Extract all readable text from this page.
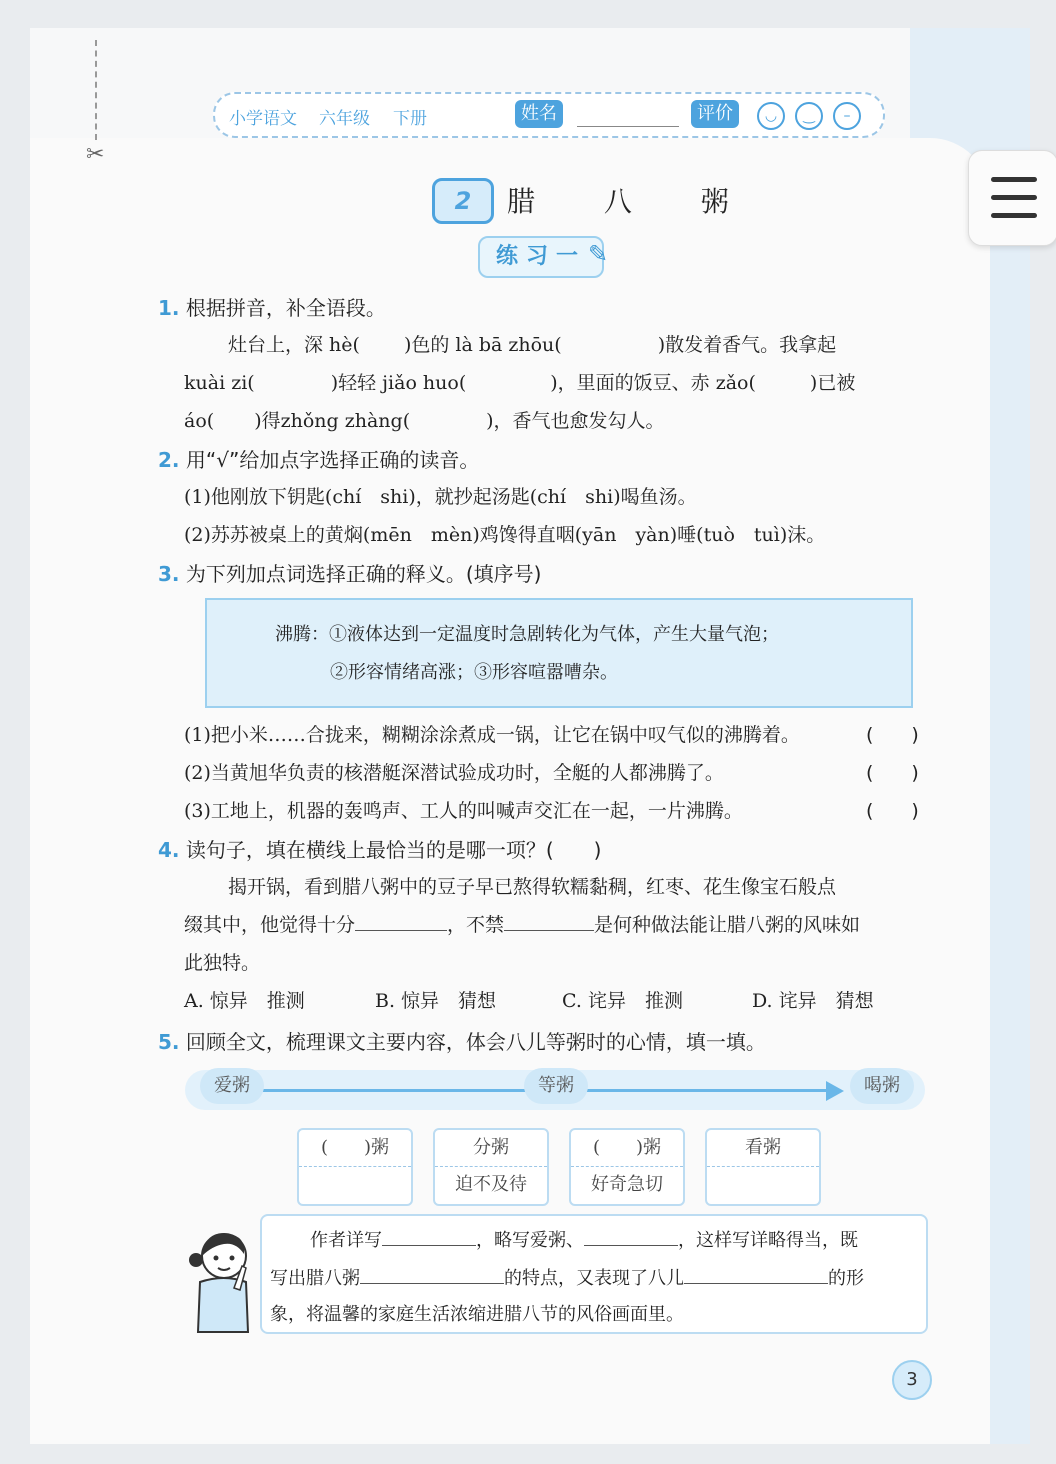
✂
小学语文 六年级 下册	姓名	评价	◡	‿	–
2	腊 八 粥
练习一 ✎
1. 根据拼音，补全语段。
灶台上，深 hè( )色的 là bā zhōu(	)散发着香气。我拿起
kuài zi(	)轻轻 jiǎo huo(	)，里面的饭豆、赤 zǎo(	)已被
áo( )得zhǒng zhàng(	)，香气也愈发勾人。
2. 用“√”给加点字选择正确的读音。
(1)他刚放下钥匙(chí　shi)，就抄起汤匙(chí　shi)喝鱼汤。
(2)苏苏被桌上的黄焖(mēn　mèn)鸡馋得直咽(yān　yàn)唾(tuò　tuì)沫。
3. 为下列加点词选择正确的释义。(填序号)
沸腾：①液体达到一定温度时急剧转化为气体，产生大量气泡；
②形容情绪高涨；③形容喧嚣嘈杂。
(1)把小米……合拢来，糊糊涂涂煮成一锅，让它在锅中叹气似的沸腾着。	(　　)
(2)当黄旭华负责的核潜艇深潜试验成功时，全艇的人都沸腾了。	(　　)
(3)工地上，机器的轰鸣声、工人的叫喊声交汇在一起，一片沸腾。	(　　)
4. 读句子，填在横线上最恰当的是哪一项？(　　)
揭开锅，看到腊八粥中的豆子早已熬得软糯黏稠，红枣、花生像宝石般点
缀其中，他觉得十分	，不禁	是何种做法能让腊八粥的风味如
此独特。
A. 惊异　推测	B. 惊异　猜想	C. 诧异　推测	D. 诧异　猜想
5. 回顾全文，梳理课文主要内容，体会八儿等粥时的心情，填一填。
爱粥	等粥	喝粥
(　　)粥	分粥
迫不及待
(　　)粥
好奇急切
看粥
作者详写	，略写爱粥、	，这样写详略得当，既
写出腊八粥	的特点，又表现了八儿	的形
象，将温馨的家庭生活浓缩进腊八节的风俗画面里。
3
